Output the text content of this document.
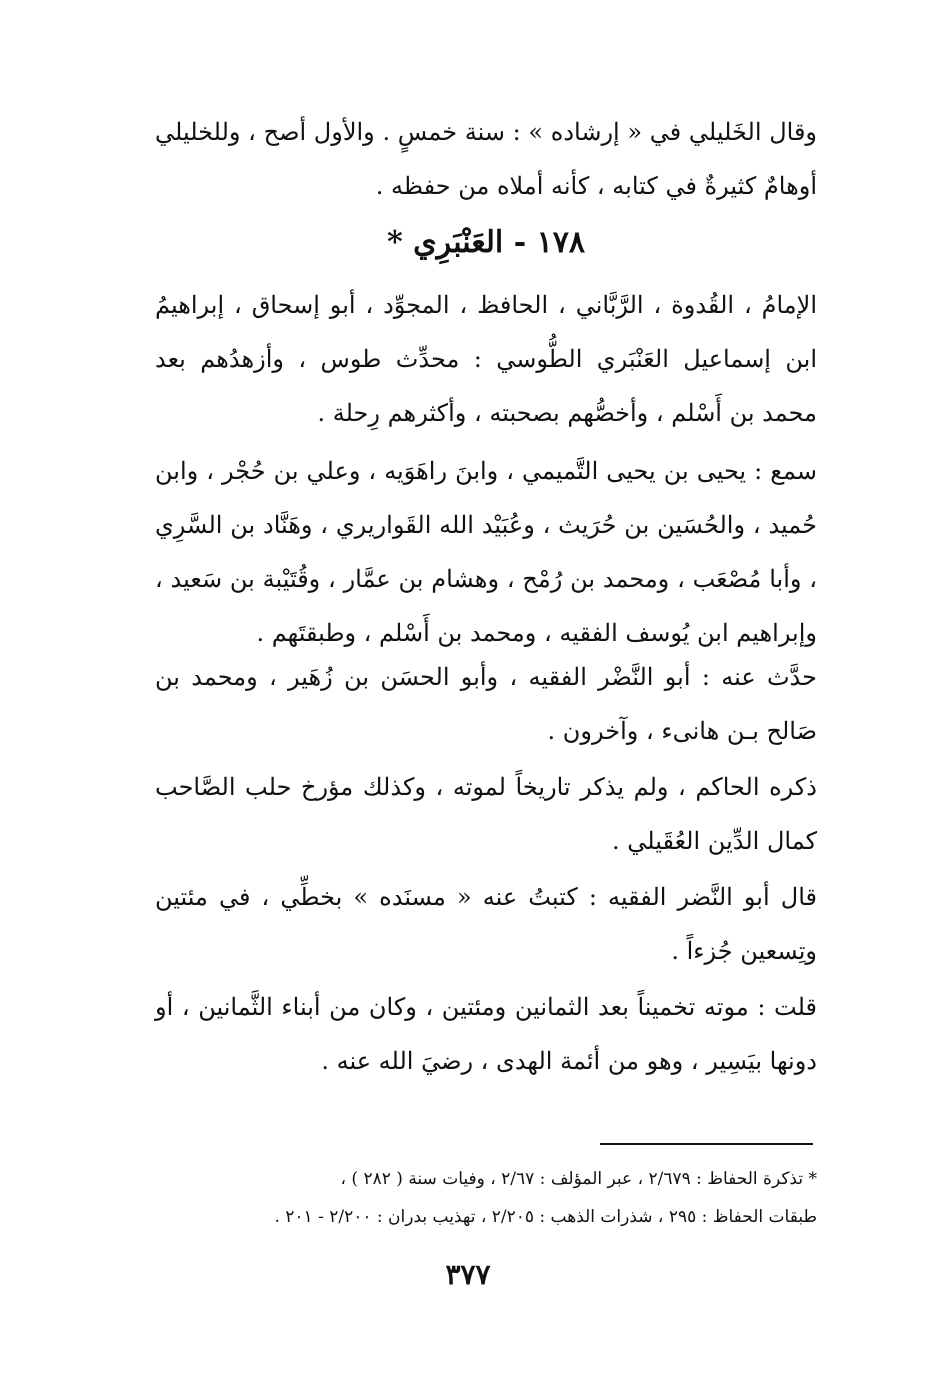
وقال الخَليلي في « إرشاده » : سنة خمسٍ . والأول أصح ، وللخليلي أوهامٌ كثيرةٌ في كتابه ، كأنه أملاه من حفظه .

١٧٨ - العَنْبَرِي *

الإمامُ ، القُدوة ، الرَّبَّاني ، الحافظ ، المجوِّد ، أبو إسحاق ، إبراهيمُ ابن إسماعيل العَنْبَري الطُّوسي : محدِّث طوس ، وأزهدُهم بعد محمد بن أَسْلم ، وأخصُّهم بصحبته ، وأكثرهم رِحلة .

سمع : يحيى بن يحيى التَّميمي ، وابنَ راهَوَيه ، وعلي بن حُجْر ، وابن حُميد ، والحُسَين بن حُرَيث ، وعُبَيْد الله القَواريري ، وهَنَّاد بن السَّرِي ، وأبا مُصْعَب ، ومحمد بن رُمْح ، وهشام بن عمَّار ، وقُتَيْبة بن سَعيد ، وإبراهيم ابن يُوسف الفقيه ، ومحمد بن أَسْلم ، وطبقتَهم .

حدَّث عنه : أبو النَّضْر الفقيه ، وأبو الحسَن بن زُهَير ، ومحمد بن صَالح بـن هانىء ، وآخرون .

ذكره الحاكم ، ولم يذكر تاريخاً لموته ، وكذلك مؤرخ حلب الصَّاحب كمال الدِّين العُقَيلي .

قال أبو النَّضر الفقيه : كتبتُ عنه « مسنَده » بخطِّي ، في مئتين وتِسعين جُزءاً .

قلت : موته تخميناً بعد الثمانين ومئتين ، وكان من أبناء الثَّمانين ، أو دونها بيَسِير ، وهو من أئمة الهدى ، رضيَ الله عنه .

* تذكرة الحفاظ : ٢/٦٧٩ ، عبر المؤلف : ٢/٦٧ ، وفيات سنة ( ٢٨٢ ) ،

طبقات الحفاظ : ٢٩٥ ، شذرات الذهب : ٢/٢٠٥ ، تهذيب بدران : ٢/٢٠٠ - ٢٠١ .

٣٧٧
